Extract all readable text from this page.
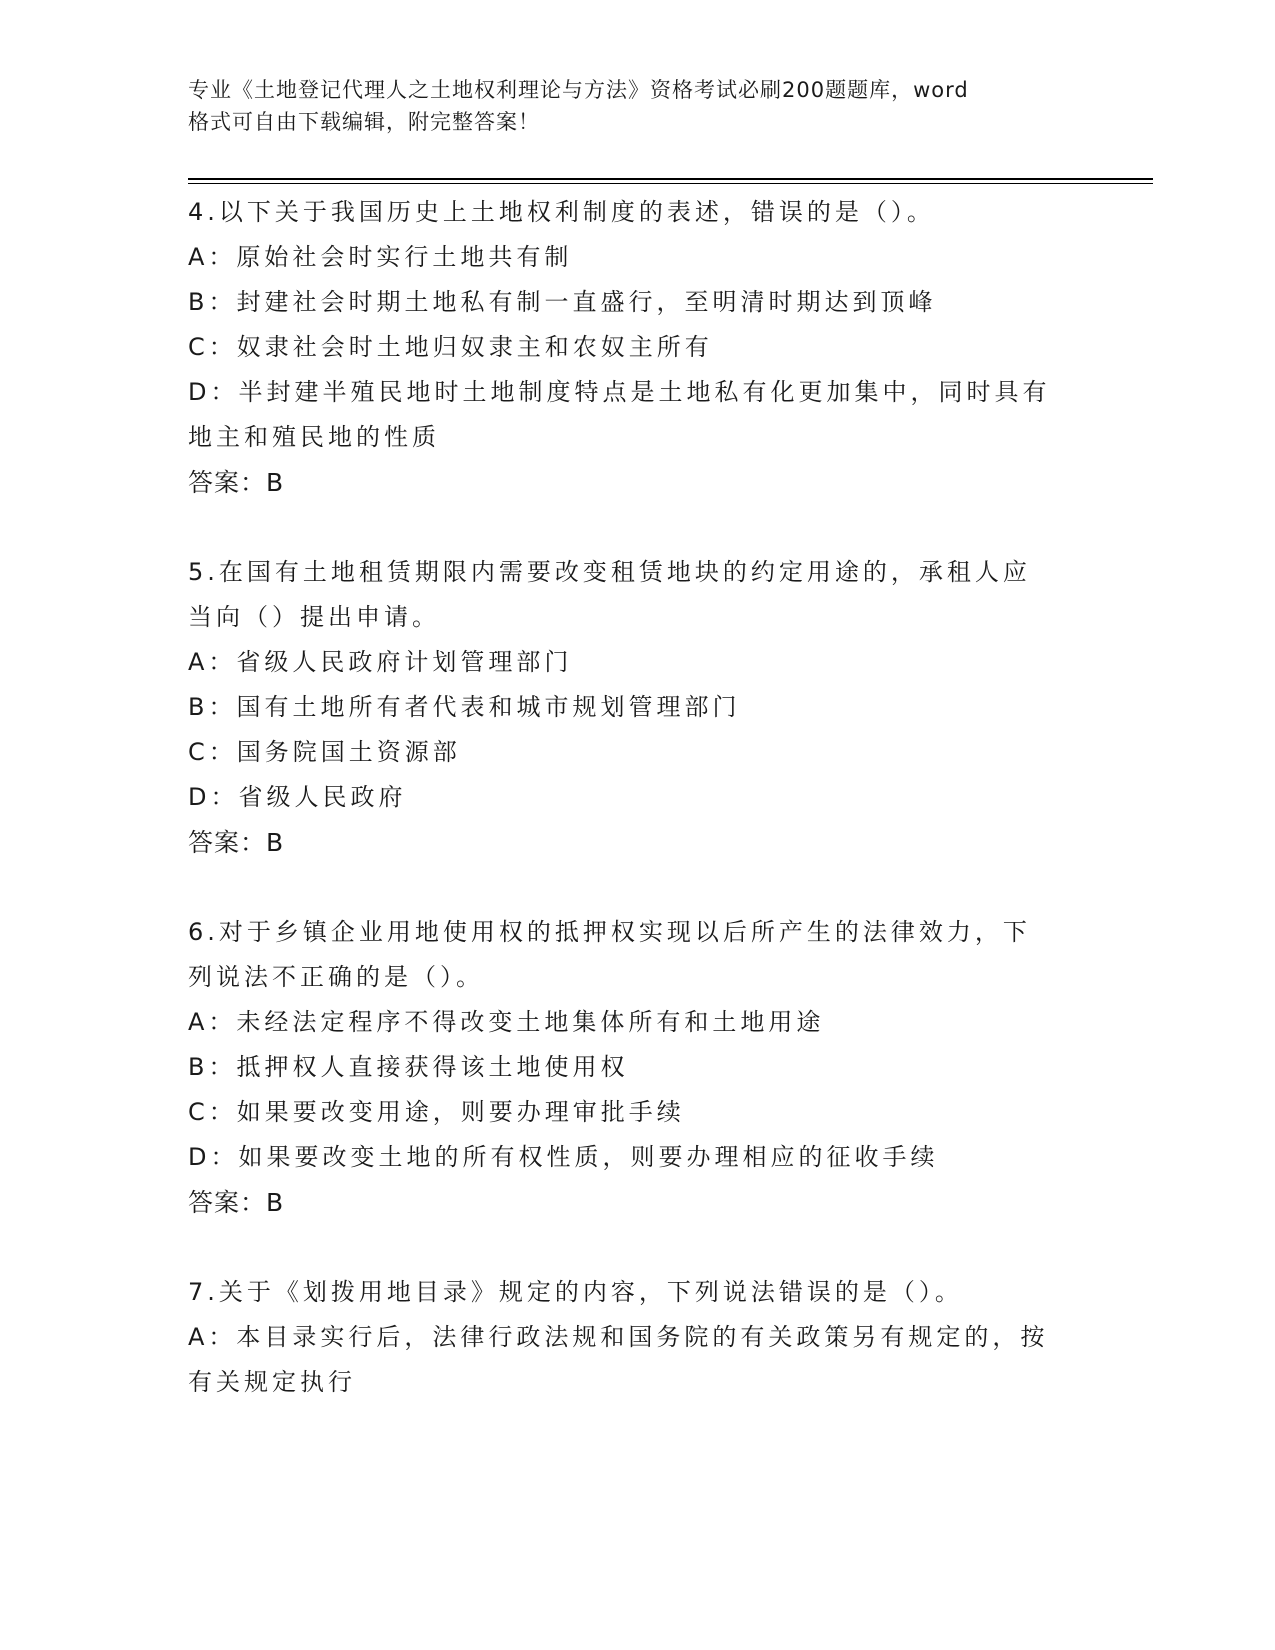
专业《土地登记代理人之土地权利理论与方法》资格考试必刷200题题库，word
格式可自由下载编辑，附完整答案！
4.以下关于我国历史上土地权利制度的表述，错误的是（）。
A：原始社会时实行土地共有制
B：封建社会时期土地私有制一直盛行，至明清时期达到顶峰
C：奴隶社会时土地归奴隶主和农奴主所有
D：半封建半殖民地时土地制度特点是土地私有化更加集中，同时具有
地主和殖民地的性质
答案：B
5.在国有土地租赁期限内需要改变租赁地块的约定用途的，承租人应
当向（）提出申请。
A：省级人民政府计划管理部门
B：国有土地所有者代表和城市规划管理部门
C：国务院国土资源部
D：省级人民政府
答案：B
6.对于乡镇企业用地使用权的抵押权实现以后所产生的法律效力，下
列说法不正确的是（）。
A：未经法定程序不得改变土地集体所有和土地用途
B：抵押权人直接获得该土地使用权
C：如果要改变用途，则要办理审批手续
D：如果要改变土地的所有权性质，则要办理相应的征收手续
答案：B
7.关于《划拨用地目录》规定的内容，下列说法错误的是（）。
A：本目录实行后，法律行政法规和国务院的有关政策另有规定的，按
有关规定执行
